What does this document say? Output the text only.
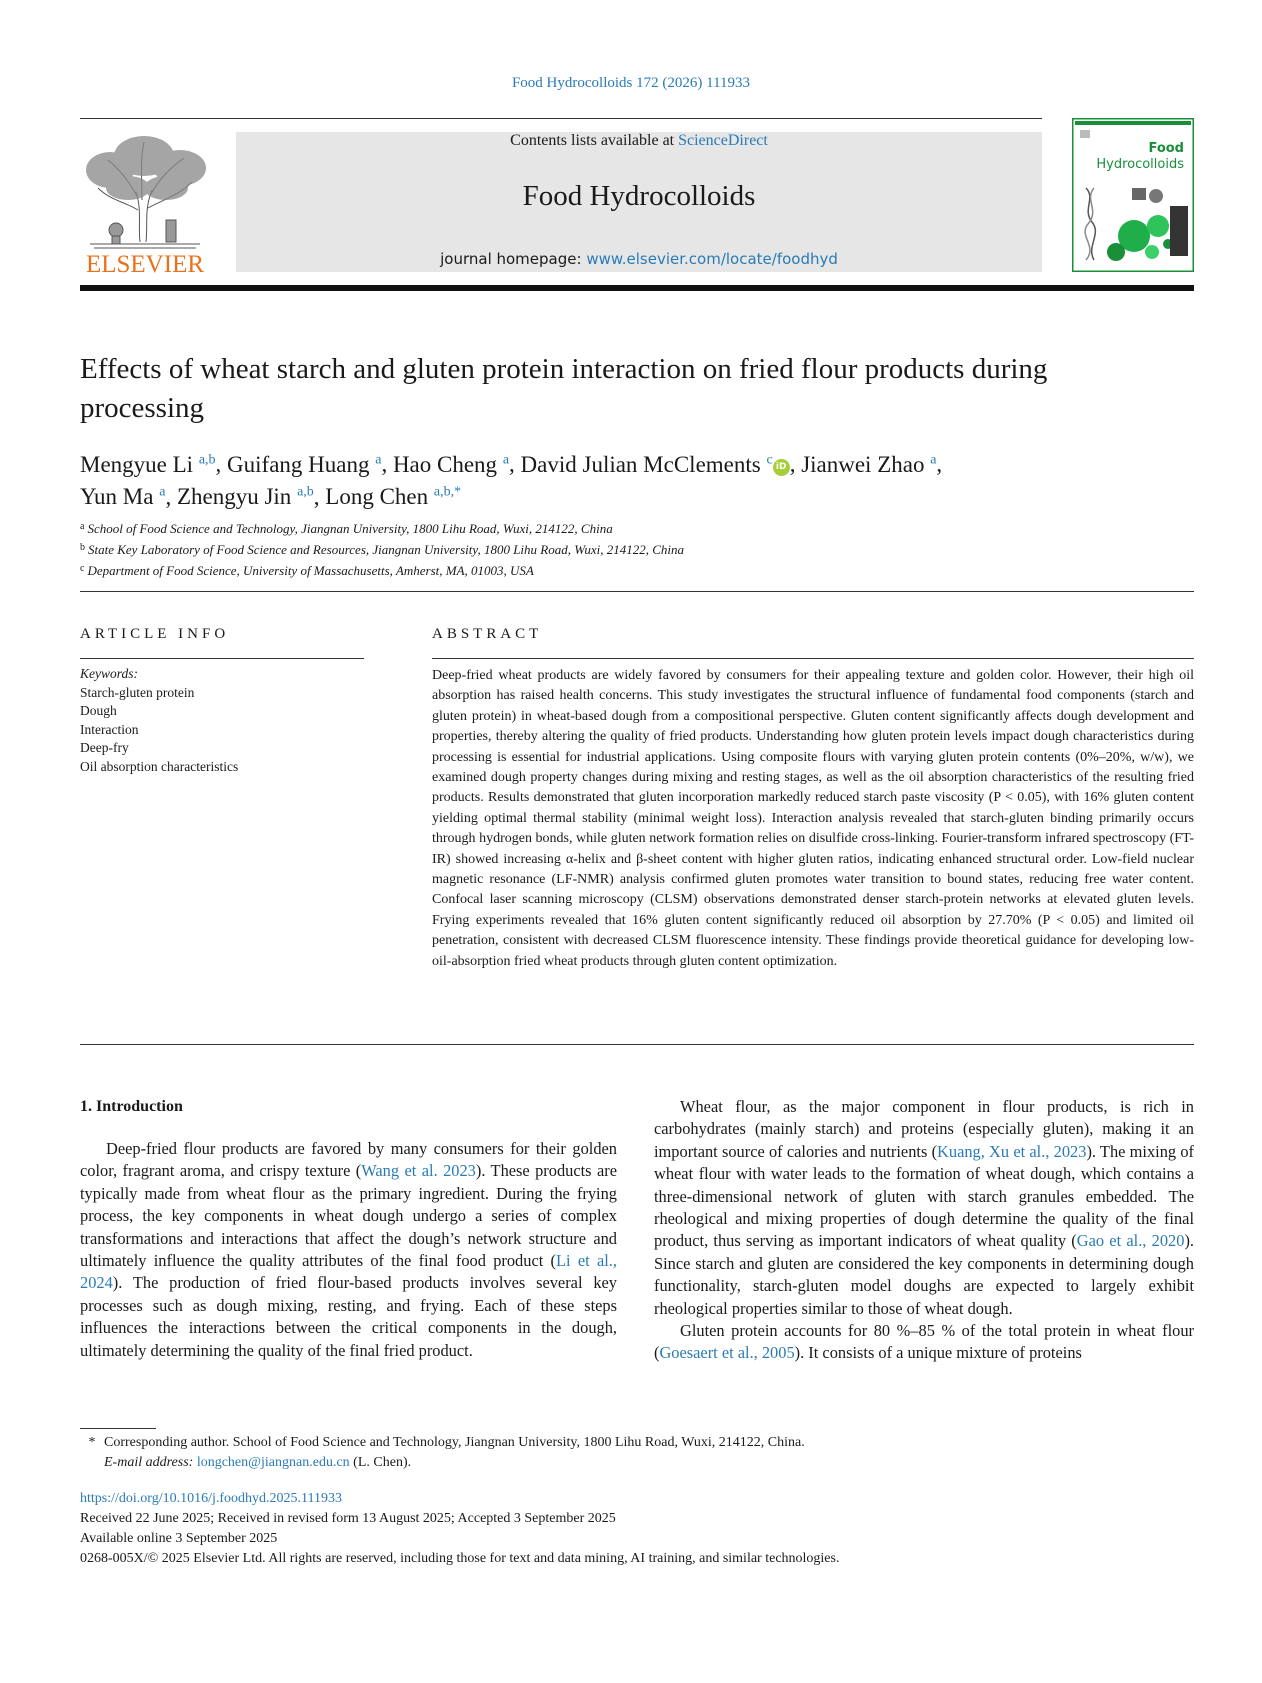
Food Hydrocolloids 172 (2026) 111933
ELSEVIER
Contents lists available at ScienceDirect
Food Hydrocolloids
journal homepage: www.elsevier.com/locate/foodhyd
Food
Hydrocolloids
Effects of wheat starch and gluten protein interaction on fried flour products during processing
Mengyue Li $^{a,b}$, Guifang Huang $^a$, Hao Cheng $^a$, David Julian McClements $^c$ iD , Jianwei Zhao $^a$,
Yun Ma $^a$, Zhengyu Jin $^{a,b}$, Long Chen $^{a,b,*}$
$^a$ School of Food Science and Technology, Jiangnan University, 1800 Lihu Road, Wuxi, 214122, China
$^b$ State Key Laboratory of Food Science and Resources, Jiangnan University, 1800 Lihu Road, Wuxi, 214122, China
$^c$ Department of Food Science, University of Massachusetts, Amherst, MA, 01003, USA
ARTICLE INFO
Keywords:
Starch-gluten protein
Dough
Interaction
Deep-fry
Oil absorption characteristics
ABSTRACT
Deep-fried wheat products are widely favored by consumers for their appealing texture and golden color. However, their high oil absorption has raised health concerns. This study investigates the structural influence of fundamental food components (starch and gluten protein) in wheat-based dough from a compositional perspective. Gluten content significantly affects dough development and properties, thereby altering the quality of fried products. Understanding how gluten protein levels impact dough characteristics during processing is essential for industrial applications. Using composite flours with varying gluten protein contents (0%–20%, w/w), we examined dough property changes during mixing and resting stages, as well as the oil absorption characteristics of the resulting fried products. Results demonstrated that gluten incorporation markedly reduced starch paste viscosity (P < 0.05), with 16% gluten content yielding optimal thermal stability (minimal weight loss). Interaction analysis revealed that starch-gluten binding primarily occurs through hydrogen bonds, while gluten network formation relies on disulfide cross-linking. Fourier-transform infrared spectroscopy (FT-IR) showed increasing α-helix and β-sheet content with higher gluten ratios, indicating enhanced structural order. Low-field nuclear magnetic resonance (LF-NMR) analysis confirmed gluten promotes water transition to bound states, reducing free water content. Confocal laser scanning microscopy (CLSM) observations demonstrated denser starch-protein networks at elevated gluten levels. Frying experiments revealed that 16% gluten content significantly reduced oil absorption by 27.70% (P < 0.05) and limited oil penetration, consistent with decreased CLSM fluorescence intensity. These findings provide theoretical guidance for developing low-oil-absorption fried wheat products through gluten content optimization.
1. Introduction

Deep-fried flour products are favored by many consumers for their golden color, fragrant aroma, and crispy texture (Wang et al. 2023). These products are typically made from wheat flour as the primary ingredient. During the frying process, the key components in wheat dough undergo a series of complex transformations and interactions that affect the dough’s network structure and ultimately influence the quality attributes of the final food product (Li et al., 2024). The production of fried flour-based products involves several key processes such as dough mixing, resting, and frying. Each of these steps influences the interactions between the critical components in the dough, ultimately determining the quality of the final fried product.

Wheat flour, as the major component in flour products, is rich in carbohydrates (mainly starch) and proteins (especially gluten), making it an important source of calories and nutrients (Kuang, Xu et al., 2023). The mixing of wheat flour with water leads to the formation of wheat dough, which contains a three-dimensional network of gluten with starch granules embedded. The rheological and mixing properties of dough determine the quality of the final product, thus serving as important indicators of wheat quality (Gao et al., 2020). Since starch and gluten are considered the key components in determining dough functionality, starch-gluten model doughs are expected to largely exhibit rheological properties similar to those of wheat dough.

Gluten protein accounts for 80 %–85 % of the total protein in wheat flour (Goesaert et al., 2005). It consists of a unique mixture of proteins

* Corresponding author. School of Food Science and Technology, Jiangnan University, 1800 Lihu Road, Wuxi, 214122, China.
E-mail address: longchen@jiangnan.edu.cn (L. Chen).
https://doi.org/10.1016/j.foodhyd.2025.111933
Received 22 June 2025; Received in revised form 13 August 2025; Accepted 3 September 2025
Available online 3 September 2025
0268-005X/© 2025 Elsevier Ltd. All rights are reserved, including those for text and data mining, AI training, and similar technologies.
